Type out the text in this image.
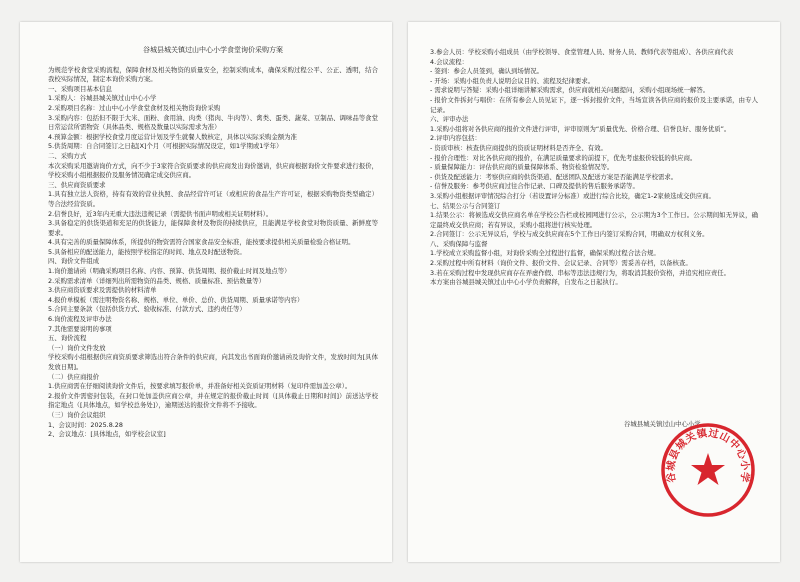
谷城县城关镇过山中心小学食堂询价采购方案

为规范学校食堂采购流程，保障食材及相关物资的质量安全，控制采购成本，确保采购过程公平、公正、透明，结合我校实际情况，制定本询价采购方案。

一、采购项目基本信息

1.采购人：谷城县城关镇过山中心小学

2.采购项目名称：过山中心小学食堂食材及相关物资询价采购

3.采购内容：包括但不限于大米、面粉、食用油、肉类（猪肉、牛肉等）、禽类、蛋类、蔬菜、豆制品、调味品等食堂日常运营所需物资（具体品类、规格及数量以实际需求为准）

4.预算金额：根据学校食堂月度运营计划及学生就餐人数核定，具体以实际采购金额为准

5.供货周期：自合同签订之日起[X]个月（可根据实际情况设定，如1学期或1学年）

二、采购方式

本次采购采用邀请询价方式，向不少于3家符合资质要求的供应商发出询价邀请，供应商根据询价文件要求进行报价，学校采购小组根据报价及服务情况确定成交供应商。

三、供应商资质要求

1.具有独立法人资格，持有有效的营业执照、食品经营许可证（或相应的食品生产许可证，根据采购物资类型确定）等合法经营资质。

2.信誉良好，近3年内无重大违法违规记录（需提供书面声明或相关证明材料）。

3.具备稳定的供货渠道和充足的供货能力，能保障食材及物资的持续供应，且能满足学校食堂对物资质量、新鲜度等要求。

4.具有完善的质量保障体系，所提供的物资需符合国家食品安全标准，能按要求提供相关质量检验合格证明。

5.具备相应的配送能力，能按照学校指定的时间、地点及时配送物资。

四、询价文件组成

1.询价邀请函（明确采购项目名称、内容、预算、供货周期、报价截止时间及地点等）

2.采购需求清单（详细列出所需物资的品类、规格、质量标准、预估数量等）

3.供应商资质要求及需提供的材料清单

4.报价单模板（需注明物资名称、规格、单位、单价、总价、供货周期、质量承诺等内容）

5.合同主要条款（包括供货方式、验收标准、付款方式、违约责任等）

6.询价流程及评审办法

7.其他需要说明的事项

五、询价流程

（一）询价文件发放

学校采购小组根据供应商资质要求筛选出符合条件的供应商，向其发出书面询价邀请函及询价文件，发放时间为[具体发放日期]。

（二）供应商报价

1.供应商需在仔细阅读询价文件后，按要求填写报价单，并准备好相关资质证明材料（复印件需加盖公章）。

2.报价文件需密封包装，在封口处加盖供应商公章，并在规定的报价截止时间（[具体截止日期和时间]）前送达学校指定地点（[具体地点，如学校总务处]），逾期送达的报价文件将不予接收。

（三）询价会议组织

1、会议时间：2025.8.28

2、会议地点：[具体地点，如学校会议室]

3.参会人员：学校采购小组成员（由学校领导、食堂管理人员、财务人员、教师代表等组成）、各供应商代表

4.会议流程：

- 签到：参会人员签到，确认到场情况。

- 开场：采购小组负责人说明会议目的、流程及纪律要求。

- 需求说明与答疑：采购小组详细讲解采购需求，供应商就相关问题提问，采购小组现场统一解答。

- 报价文件拆封与唱价：在所有参会人员见证下，逐一拆封报价文件，当场宣读各供应商的报价及主要承诺，由专人记录。

六、评审办法

1.采购小组将对各供应商的报价文件进行评审，评审原则为“质量优先、价格合理、信誉良好、服务优质”。

2.评审内容包括：

- 资质审核：核查供应商提供的资质证明材料是否齐全、有效。

- 报价合理性：对比各供应商的报价，在满足质量要求的前提下，优先考虑报价较低的供应商。

- 质量保障能力：评估供应商的质量保障体系、物资检验情况等。

- 供货及配送能力：考察供应商的供货渠道、配送团队及配送方案是否能满足学校需求。

- 信誉及服务：参考供应商过往合作记录、口碑及提供的售后服务承诺等。

3.采购小组根据评审情况综合打分（若设置评分标准）或进行综合比较，确定1-2家候选成交供应商。

七、结果公示与合同签订

1.结果公示：将候选成交供应商名单在学校公告栏或校园网进行公示，公示期为3个工作日。公示期间如无异议，确定最终成交供应商；若有异议，采购小组将进行核实处理。

2.合同签订：公示无异议后，学校与成交供应商在5个工作日内签订采购合同，明确双方权利义务。

八、采购保障与监督

1.学校成立采购监督小组，对询价采购全过程进行监督，确保采购过程合法合规。

2.采购过程中所有材料（询价文件、报价文件、会议记录、合同等）需妥善存档，以备核查。

3.若在采购过程中发现供应商存在弄虚作假、串标等违法违规行为，将取消其报价资格，并追究相应责任。

本方案由谷城县城关镇过山中心小学负责解释，自发布之日起执行。

谷城县城关镇过山中心小学
谷城县城关镇过山中心小学
